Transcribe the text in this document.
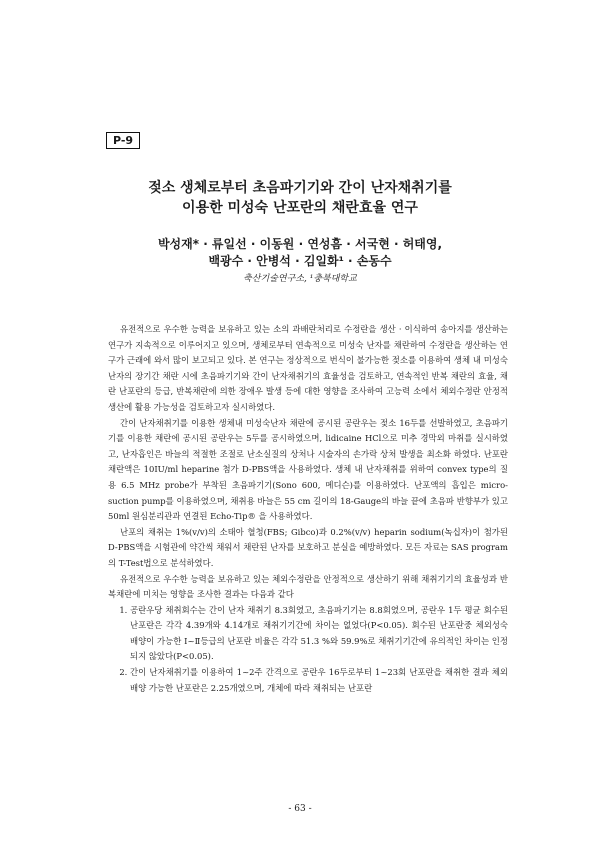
P-9
젖소 생체로부터 초음파기기와 간이 난자채취기를
이용한 미성숙 난포란의 채란효율 연구
박성재* · 류일선 · 이동원 · 연성흠 · 서국현 · 허태영,
백광수 · 안병석 · 김일화¹ · 손동수
축산기술연구소, ¹충북대학교

유전적으로 우수한 능력을 보유하고 있는 소의 과배란처리로 수정란을 생산 · 이식하여 송아지를 생산하는 연구가 지속적으로 이루어지고 있으며, 생체로부터 연속적으로 미성숙 난자를 채란하여 수정란을 생산하는 연구가 근래에 와서 많이 보고되고 있다. 본 연구는 정상적으로 번식이 불가능한 젖소를 이용하여 생체 내 미성숙난자의 장기간 채란 시에 초음파기기와 간이 난자채취기의 효율성을 검토하고, 연속적인 반복 채란의 효율, 채란 난포란의 등급, 반복채란에 의한 장애우 발생 등에 대한 영향을 조사하여 고능력 소에서 체외수정란 안정적 생산에 활용 가능성을 검토하고자 실시하였다.

간이 난자채취기를 이용한 생체내 미성숙난자 채란에 공시된 공란우는 젖소 16두를 선발하였고, 초음파기기를 이용한 채란에 공시된 공란우는 5두를 공시하였으며, lidicaine HCl으로 미추 경막외 마취를 실시하였고, 난자흡인은 바늘의 적절한 조절로 난소실질의 상처나 시술자의 손가락 상처 발생을 최소화 하였다. 난포란 채란액은 10IU/ml heparine 첨가 D-PBS액을 사용하였다. 생체 내 난자채취를 위하여 convex type의 질용 6.5 MHz probe가 부착된 초음파기기(Sono 600, 메디슨)를 이용하였다. 난포액의 흡입은 micro-suction pump를 이용하였으며, 채취용 바늘은 55 cm 길이의 18-Gauge의 바늘 끝에 초음파 반향부가 있고 50ml 원심분리관과 연결된 Echo-Tip® 을 사용하였다.

난포의 채취는 1%(v/v)의 소태아 혈청(FBS; Gibco)과 0.2%(v/v) heparin sodium(녹십자)이 첨가된 D-PBS액을 시험관에 약간씩 채워서 채란된 난자를 보호하고 분실을 예방하였다. 모든 자료는 SAS program의 T-Test법으로 분석하였다.

유전적으로 우수한 능력을 보유하고 있는 체외수정란을 안정적으로 생산하기 위해 채취기기의 효율성과 반복채란에 미치는 영향을 조사한 결과는 다음과 같다

1. 공란우당 채취회수는 간이 난자 채취기 8.3회였고, 초음파기기는 8.8회였으며, 공란우 1두 평균 회수된 난포란은 각각 4.39개와 4.14개로 채취기기간에 차이는 없었다(P<0.05). 회수된 난포란중 체외성숙 배양이 가능한 Ⅰ~Ⅱ등급의 난포란 비율은 각각 51.3 %와 59.9%로 채취기기간에 유의적인 차이는 인정되지 않았다(P<0.05).
2. 간이 난자채취기를 이용하여 1~2주 간격으로 공란우 16두로부터 1~23회 난포란을 채취한 결과 체외배양 가능한 난포란은 2.25개였으며, 개체에 따라 채취되는 난포란
- 63 -
